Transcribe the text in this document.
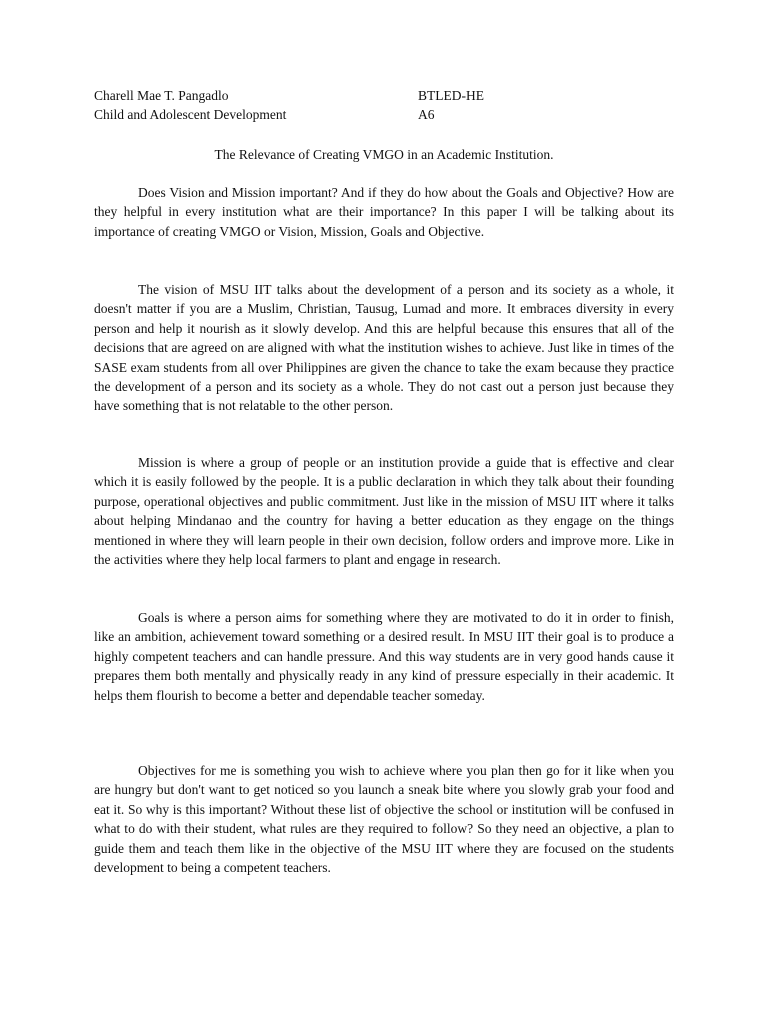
Charell Mae T. Pangadlo
Child and Adolescent Development
BTLED-HE
A6
The Relevance of Creating VMGO in an Academic Institution.

Does Vision and Mission important? And if they do how about the Goals and Objective? How are they helpful in every institution what are their importance? In this paper I will be talking about its importance of creating VMGO or Vision, Mission, Goals and Objective.

The vision of MSU IIT talks about the development of a person and its society as a whole, it doesn't matter if you are a Muslim, Christian, Tausug, Lumad and more. It embraces diversity in every person and help it nourish as it slowly develop. And this are helpful because this ensures that all of the decisions that are agreed on are aligned with what the institution wishes to achieve. Just like in times of the SASE exam students from all over Philippines are given the chance to take the exam because they practice the development of a person and its society as a whole. They do not cast out a person just because they have something that is not relatable to the other person.

Mission is where a group of people or an institution provide a guide that is effective and clear which it is easily followed by the people. It is a public declaration in which they talk about their founding purpose, operational objectives and public commitment. Just like in the mission of MSU IIT where it talks about helping Mindanao and the country for having a better education as they engage on the things mentioned in where they will learn people in their own decision, follow orders and improve more. Like in the activities where they help local farmers to plant and engage in research.

Goals is where a person aims for something where they are motivated to do it in order to finish, like an ambition, achievement toward something or a desired result. In MSU IIT their goal is to produce a highly competent teachers and can handle pressure. And this way students are in very good hands cause it prepares them both mentally and physically ready in any kind of pressure especially in their academic. It helps them flourish to become a better and dependable teacher someday.

Objectives for me is something you wish to achieve where you plan then go for it like when you are hungry but don't want to get noticed so you launch a sneak bite where you slowly grab your food and eat it. So why is this important? Without these list of objective the school or institution will be confused in what to do with their student, what rules are they required to follow? So they need an objective, a plan to guide them and teach them like in the objective of the MSU IIT where they are focused on the students development to being a competent teachers.
